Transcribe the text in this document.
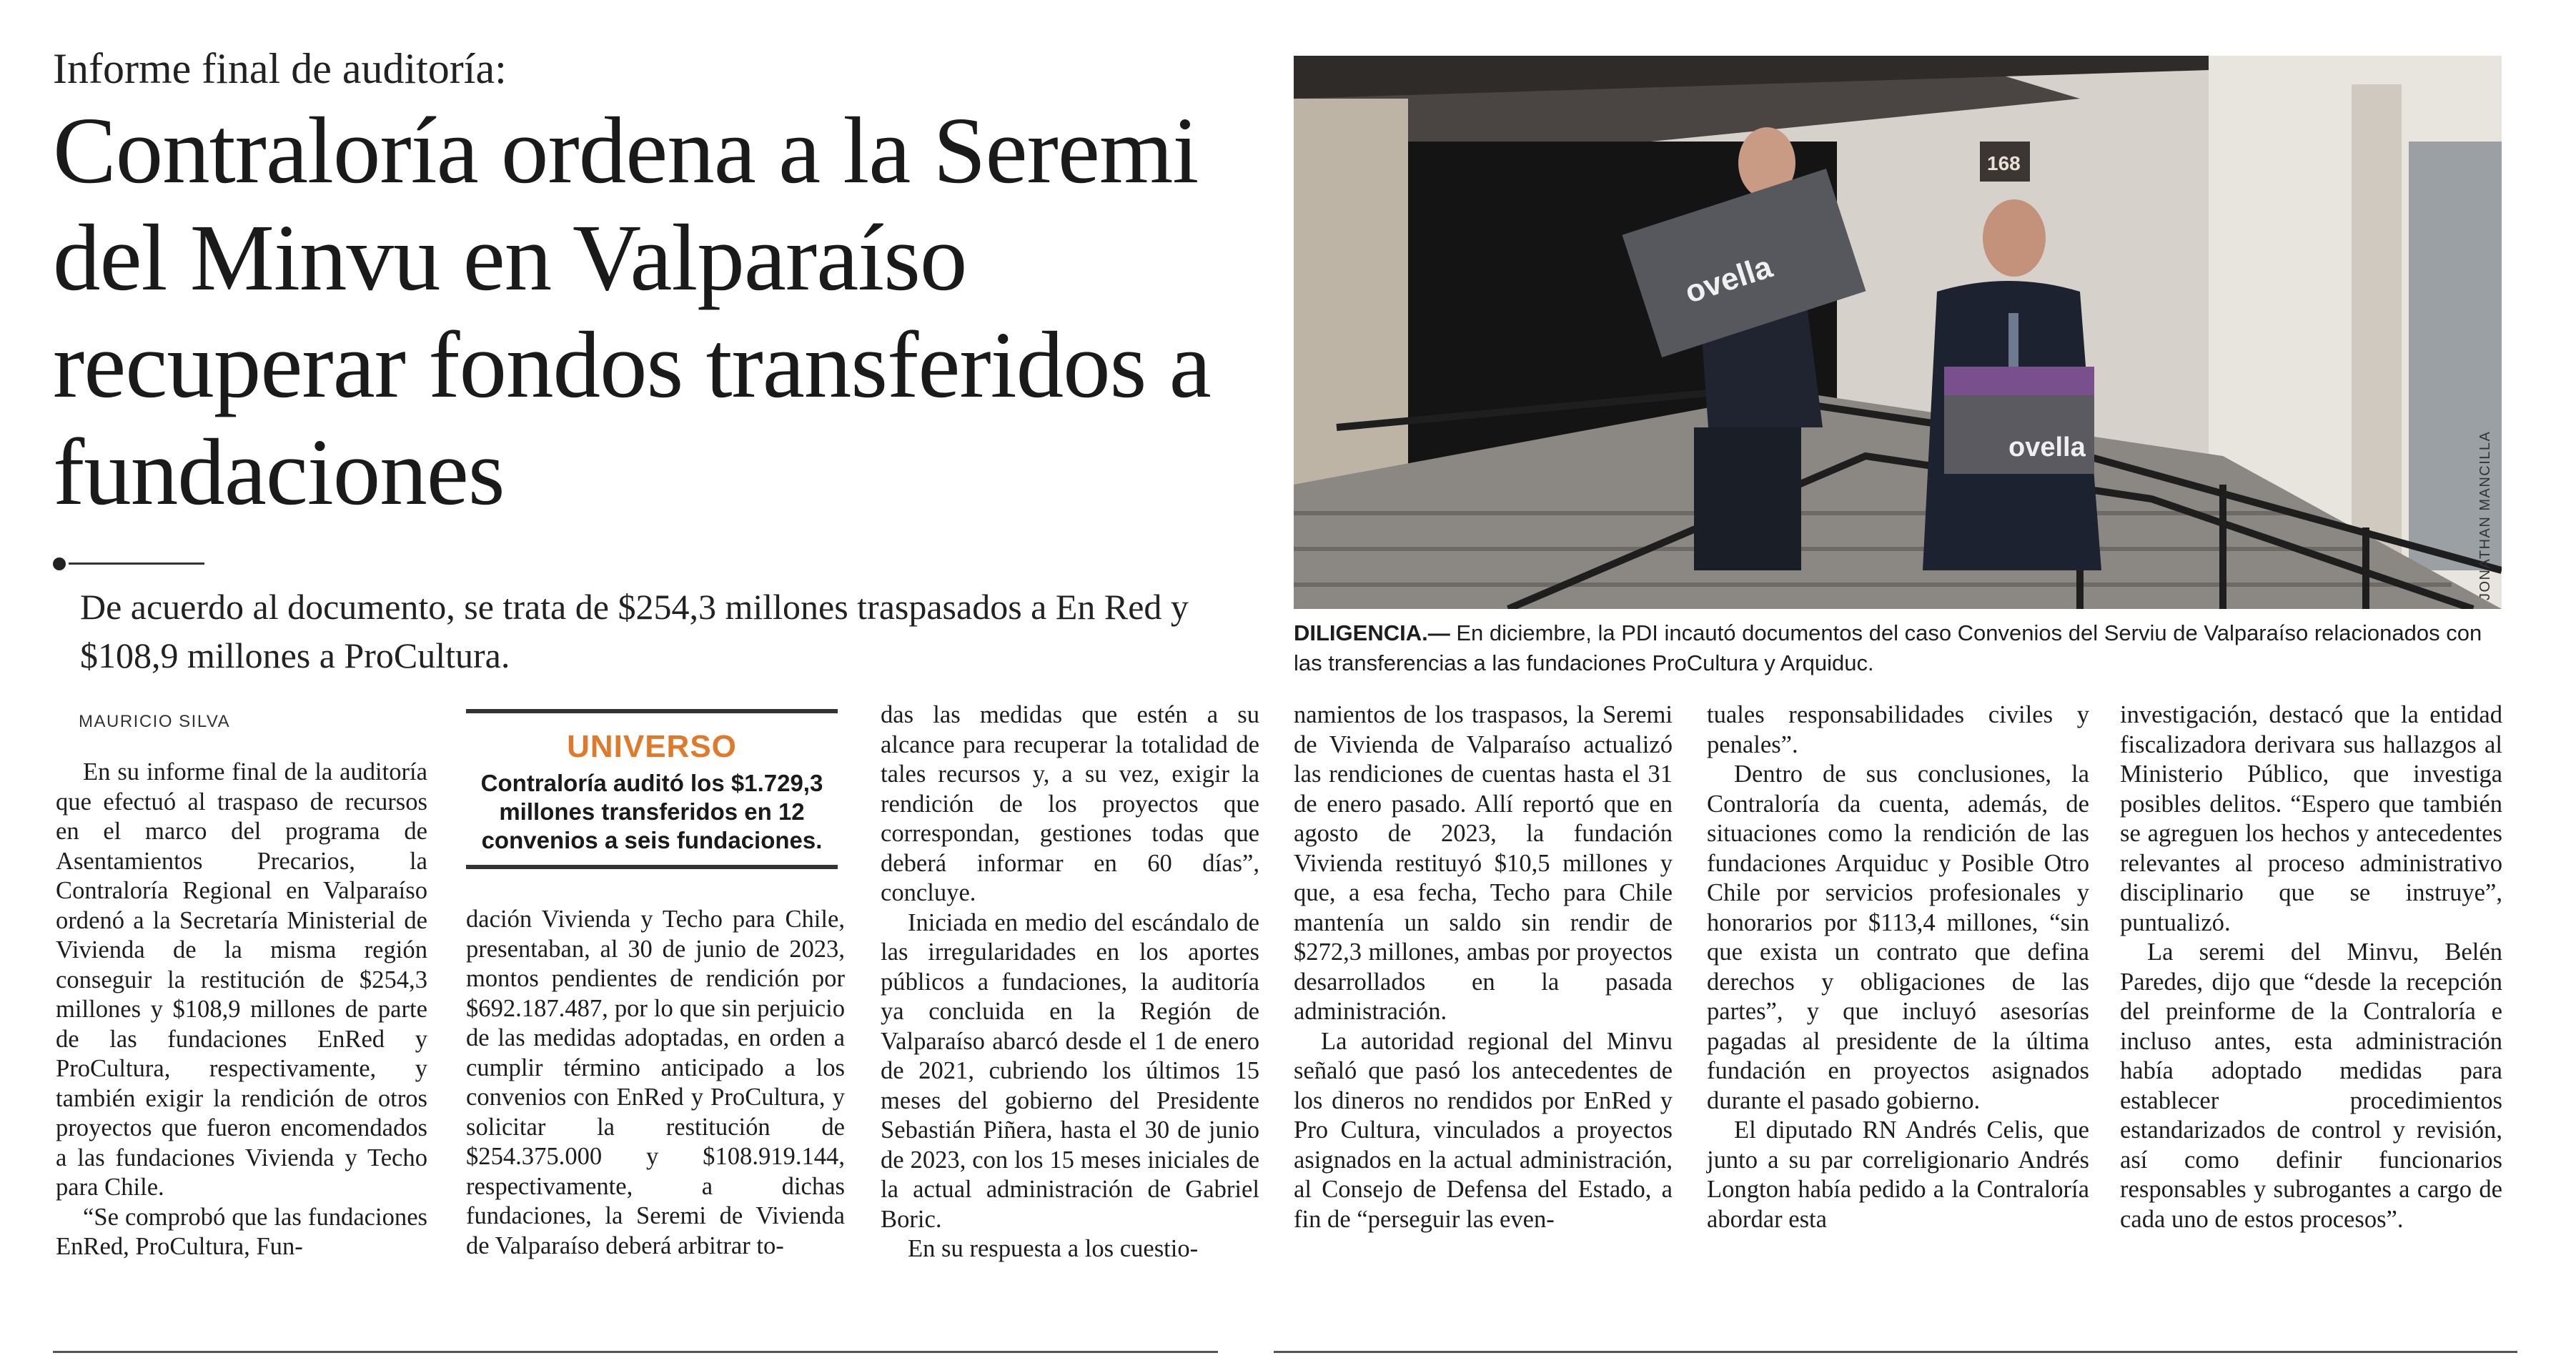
Informe final de auditoría:
Contraloría ordena a la Seremi del Minvu en Valparaíso recuperar fondos transferidos a fundaciones
De acuerdo al documento, se trata de $254,3 millones traspasados a En Red y $108,9 millones a ProCultura.
MAURICIO SILVA
UNIVERSO
Contraloría auditó los $1.729,3 millones transferidos en 12 convenios a seis fundaciones.

En su informe final de la auditoría que efectuó al traspaso de recursos en el marco del programa de Asentamientos Precarios, la Contraloría Regional en Valparaíso ordenó a la Secretaría Ministerial de Vivienda de la misma región conseguir la restitución de $254,3 millones y $108,9 millones de parte de las fundaciones EnRed y ProCultura, respectivamente, y también exigir la rendición de otros proyectos que fueron encomendados a las fundaciones Vivienda y Techo para Chile.

“Se comprobó que las fundaciones EnRed, ProCultura, Fun-

dación Vivienda y Techo para Chile, presentaban, al 30 de junio de 2023, montos pendientes de rendición por $692.187.487, por lo que sin perjuicio de las medidas adoptadas, en orden a cumplir término anticipado a los convenios con EnRed y ProCultura, y solicitar la restitución de $254.375.000 y $108.919.144, respectivamente, a dichas fundaciones, la Seremi de Vivienda de Valparaíso deberá arbitrar to-

das las medidas que estén a su alcance para recuperar la totalidad de tales recursos y, a su vez, exigir la rendición de los proyectos que correspondan, gestiones todas que deberá informar en 60 días”, concluye.

Iniciada en medio del escándalo de las irregularidades en los aportes públicos a fundaciones, la auditoría ya concluida en la Región de Valparaíso abarcó desde el 1 de enero de 2021, cubriendo los últimos 15 meses del gobierno del Presidente Sebastián Piñera, hasta el 30 de junio de 2023, con los 15 meses iniciales de la actual administración de Gabriel Boric.

En su respuesta a los cuestio-

namientos de los traspasos, la Seremi de Vivienda de Valparaíso actualizó las rendiciones de cuentas hasta el 31 de enero pasado. Allí reportó que en agosto de 2023, la fundación Vivienda restituyó $10,5 millones y que, a esa fecha, Techo para Chile mantenía un saldo sin rendir de $272,3 millones, ambas por proyectos desarrollados en la pasada administración.

La autoridad regional del Minvu señaló que pasó los antecedentes de los dineros no rendidos por EnRed y Pro Cultura, vinculados a proyectos asignados en la actual administración, al Consejo de Defensa del Estado, a fin de “perseguir las even-

tuales responsabilidades civiles y penales”.

Dentro de sus conclusiones, la Contraloría da cuenta, además, de situaciones como la rendición de las fundaciones Arquiduc y Posible Otro Chile por servicios profesionales y honorarios por $113,4 millones, “sin que exista un contrato que defina derechos y obligaciones de las partes”, y que incluyó asesorías pagadas al presidente de la última fundación en proyectos asignados durante el pasado gobierno.

El diputado RN Andrés Celis, que junto a su par correligionario Andrés Longton había pedido a la Contraloría abordar esta

investigación, destacó que la entidad fiscalizadora derivara sus hallazgos al Ministerio Público, que investiga posibles delitos. “Espero que también se agreguen los hechos y antecedentes relevantes al proceso administrativo disciplinario que se instruye”, puntualizó.

La seremi del Minvu, Belén Paredes, dijo que “desde la recepción del preinforme de la Contraloría e incluso antes, esta administración había adoptado medidas para establecer procedimientos estandarizados de control y revisión, así como definir funcionarios responsables y subrogantes a cargo de cada uno de estos procesos”.

168
ovella
ovella	JONATHAN MANCILLA
DILIGENCIA.— En diciembre, la PDI incautó documentos del caso Convenios del Serviu de Valparaíso relacionados con las transferencias a las fundaciones ProCultura y Arquiduc.
